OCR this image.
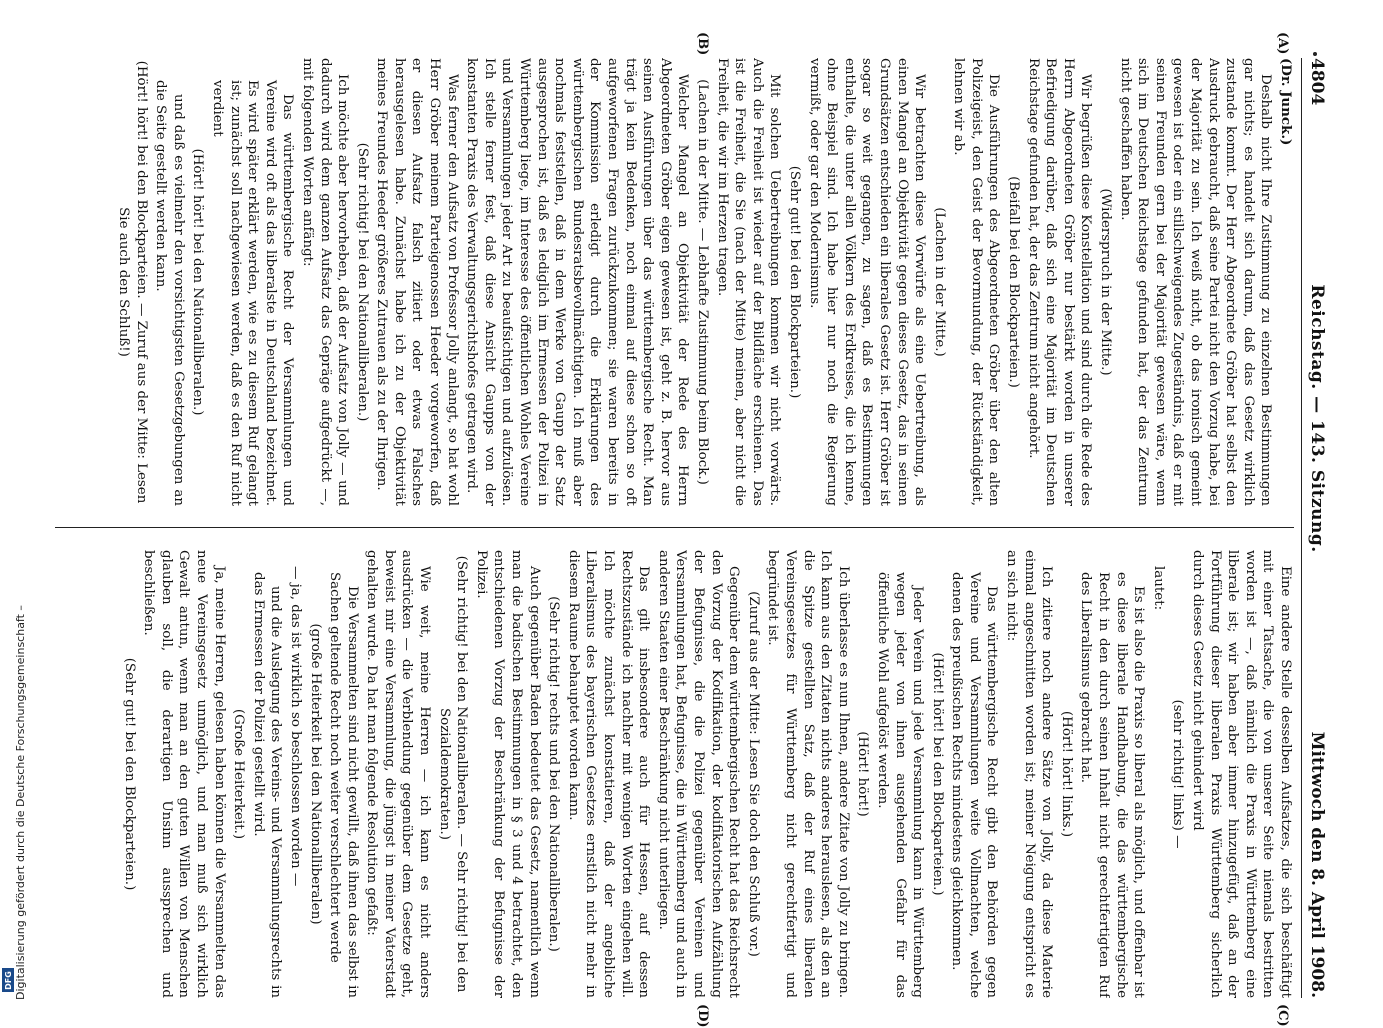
4804
Reichstag. — 143. Sitzung.
Mittwoch den 8. April 1908.

(Dr. Junck.)

Deshalb nicht Ihre Zustimmung zu einzelnen Bestimmungen gar nichts; es handelt sich darum, daß das Gesetz wirklich zustande kommt. Der Herr Abgeordnete Gröber hat selbst den Ausdruck gebraucht, daß seine Partei nicht den Vorzug habe, bei der Majorität zu sein. Ich weiß nicht, ob das ironisch gemeint gewesen ist oder ein stillschweigendes Zugeständnis, daß er mit seinen Freunden gern bei der Majorität gewesen wäre, wenn sich im Deutschen Reichstage gefunden hat, der das Zentrum nicht geschaffen haben.

(Widerspruch in der Mitte.)

Wir begrüßen diese Konstellation und sind durch die Rede des Herrn Abgeordneten Gröber nur bestärkt worden in unserer Befriedigung darüber, daß sich eine Majorität im Deutschen Reichstage gefunden hat, der das Zentrum nicht angehört.

(Beifall bei den Blockparteien.)

Die Ausführungen des Abgeordneten Gröber über den alten Polizeigeist, den Geist der Bevormundung, der Rückständigkeit, lehnen wir ab.

(Lachen in der Mitte.)

Wir betrachten diese Vorwürfe als eine Uebertreibung, als einen Mangel an Objektivität gegen dieses Gesetz, das in seinen Grundsätzen entschieden ein liberales Gesetz ist. Herr Gröber ist sogar so weit gegangen, zu sagen, daß es Bestimmungen enthalte, die unter allen Völkern des Erdkreises, die ich kenne, ohne Beispiel sind. Ich habe hier nur noch die Regierung vermißt, oder gar den Modernismus.

(Sehr gut! bei den Blockparteien.)

Mit solchen Uebertreibungen kommen wir nicht vorwärts. Auch die Freiheit ist wieder auf der Bildfläche erschienen. Das ist die Freiheit, die Sie (nach der Mitte) meinen, aber nicht die Freiheit, die wir im Herzen tragen.

(Lachen in der Mitte. — Lebhafte Zustimmung beim Block.)

Welcher Mangel an Objektivität der Rede des Herrn Abgeordneten Gröber eigen gewesen ist, geht z. B. hervor aus seinen Ausführungen über das württembergische Recht. Man trägt ja kein Bedenken, noch einmal auf diese schon so oft aufgeworfenen Fragen zurückzukommen; sie waren bereits in der Kommission erledigt durch die Erklärungen des württembergischen Bundesratsbevollmächtigten. Ich muß aber nochmals feststellen, daß in dem Werke von Gaupp der Satz ausgesprochen ist, daß es lediglich im Ermessen der Polizei in Württemberg liege, im Interesse des öffentlichen Wohles Vereine und Versammlungen jeder Art zu beaufsichtigen und aufzulösen. Ich stelle ferner fest, daß diese Ansicht Gaupps von der konstanten Praxis des Verwaltungsgerichtshofes getragen wird.

Was ferner den Aufsatz von Professor Jolly anlangt, so hat wohl Herr Gröber meinem Parteigenossen Heeder vorgeworfen, daß er diesen Aufsatz falsch zitiert oder etwas Falsches herausgelesen habe. Zunächst habe ich zu der Objektivität meines Freundes Heeder größeres Zutrauen als zu der Ihrigen.

(Sehr richtig! bei den Nationalliberalen.)

Ich möchte aber hervorheben, daß der Aufsatz von Jolly — und dadurch wird dem ganzen Aufsatz das Gepräge aufgedrückt —, mit folgenden Worten anfängt:

Das württembergische Recht der Versammlungen und Vereine wird oft als das liberalste in Deutschland bezeichnet. Es wird später erklärt werden, wie es zu diesem Ruf gelangt ist; zunächst soll nachgewiesen werden, daß es den Ruf nicht verdient

(Hört! hört! bei den Nationalliberalen.)

und daß es vielmehr den vorsichtigsten Gesetzgebungen an die Seite gestellt werden kann.

(Hört! hört! bei den Blockparteien. — Zuruf aus der Mitte: Lesen Sie auch den Schluß!)

Eine andere Stelle desselben Aufsatzes, die sich beschäftigt mit einer Tatsache, die von unserer Seite niemals bestritten worden ist —, daß nämlich die Praxis in Württemberg eine liberale ist; wir haben aber immer hinzugefügt, daß an der Fortführung dieser liberalen Praxis Württemberg sicherlich durch dieses Gesetz nicht gehindert wird

(sehr richtig! links) —

lautet:

Es ist also die Praxis so liberal als möglich, und offenbar ist es diese liberale Handhabung, die das württembergische Recht in den durch seinen Inhalt nicht gerechtfertigten Ruf des Liberalismus gebracht hat.

(Hört! hört! links.)

Ich zitiere noch andere Sätze von Jolly, da diese Materie einmal angeschnitten worden ist; meiner Neigung entspricht es an sich nicht:

Das württembergische Recht gibt den Behörden gegen Vereine und Versammlungen weite Vollmachten, welche denen des preußischen Rechts mindestens gleichkommen.

(Hört! hört! bei den Blockparteien.)

Jeder Verein und jede Versammlung kann in Württemberg wegen jeder von ihnen ausgehenden Gefahr für das öffentliche Wohl aufgelöst werden.

(Hört! hört!)

Ich überlasse es nun Ihnen, andere Zitate von Jolly zu bringen. Ich kann aus den Zitaten nichts anderes herauslesen, als den an die Spitze gestellten Satz, daß der Ruf eines liberalen Vereinsgesetzes für Württemberg nicht gerechtfertigt und begründet ist.

(Zuruf aus der Mitte: Lesen Sie doch den Schluß vor.)

Gegenüber dem württembergischen Recht hat das Reichsrecht den Vorzug der Kodifikation, der kodifikatorischen Aufzählung der Befugnisse, die die Polizei gegenüber Vereinen und Versammlungen hat, Befugnisse, die in Württemberg und auch in anderen Staaten einer Beschränkung nicht unterliegen.

Das gilt insbesondere auch für Hessen, auf dessen Rechtszustände ich nachher mit wenigen Worten eingehen will. Ich möchte zunächst konstatieren, daß der angebliche Liberalismus des bayerischen Gesetzes ernstlich nicht mehr in diesem Raume behauptet worden kann.

(Sehr richtig! rechts und bei den Nationalliberalen.)

Auch gegenüber Baden bedeutet das Gesetz, namentlich wenn man die badischen Bestimmungen in § 3 und 4 betrachtet, den entschiedenen Vorzug der Beschränkung der Befugnisse der Polizei.

(Sehr richtig! bei den Nationalliberalen. — Sehr richtig! bei den Sozialdemokraten.)

Wie weit, meine Herren — ich kann es nicht anders ausdrücken — die Verblendung gegenüber dem Gesetze geht, beweist mir eine Versammlung, die jüngst in meiner Vaterstadt gehalten wurde. Da hat man folgende Resolution gefaßt:

Die Versammelten sind nicht gewillt, daß ihnen das selbst in Sachen geltende Recht noch weiter verschlechtert werde

(große Heiterkeit bei den Nationalliberalen)

— ja, das ist wirklich so beschlossen worden —

und die Auslegung des Vereins- und Versammlungsrechts in das Ermessen der Polizei gestellt wird.

(Große Heiterkeit.)

Ja, meine Herren, gelesen haben können die Versammelten das neue Vereinsgesetz unmöglich, und man muß sich wirklich Gewalt antun, wenn man an den guten Willen von Menschen glauben soll, die derartigen Unsinn aussprechen und beschließen.

(Sehr gut! bei den Blockparteien.)

(A)
(B)
(C)
(D)
Digitalisierung gefördert durch die Deutsche Forschungsgemeinschaft –
DFG
